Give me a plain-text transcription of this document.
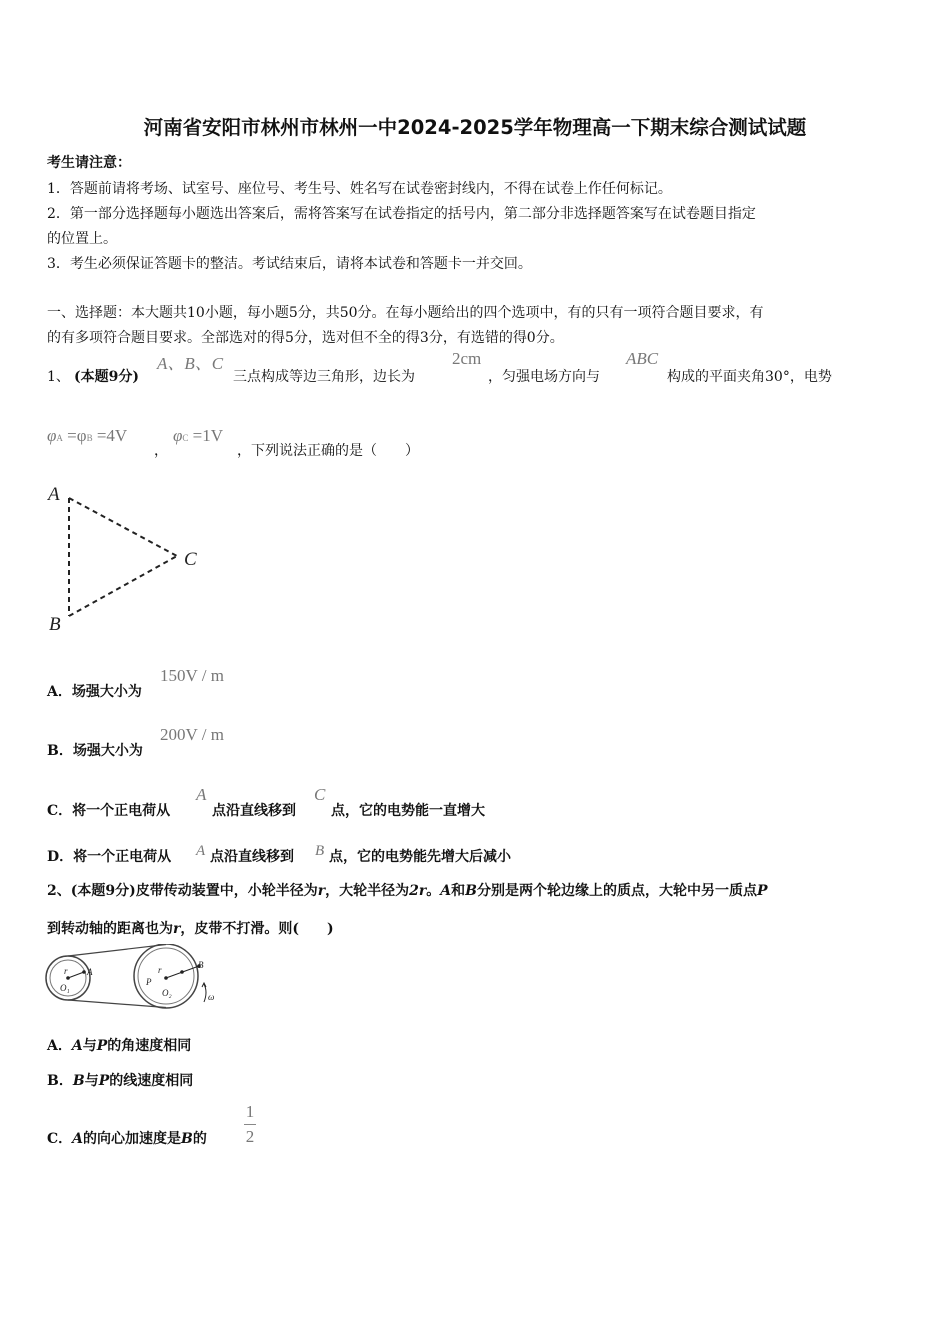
河南省安阳市林州市林州一中2024-2025学年物理高一下期末综合测试试题
考生请注意：
1．答题前请将考场、试室号、座位号、考生号、姓名写在试卷密封线内，不得在试卷上作任何标记。
2．第一部分选择题每小题选出答案后，需将答案写在试卷指定的括号内，第二部分非选择题答案写在试卷题目指定
的位置上。
3．考生必须保证答题卡的整洁。考试结束后，请将本试卷和答题卡一并交回。
一、选择题：本大题共10小题，每小题5分，共50分。在每小题给出的四个选项中，有的只有一项符合题目要求，有
的有多项符合题目要求。全部选对的得5分，选对但不全的得3分，有选错的得0分。
1、 (本题9分)
A、B、C
三点构成等边三角形，边长为
2cm
，匀强电场方向与
ABC
构成的平面夹角30°，电势
φA =φB =4V
，
φC =1V
，下列说法正确的是（　　）
A
B
C
A．场强大小为
150V / m
B．场强大小为
200V / m
C．将一个正电荷从
A
点沿直线移到
C
点，它的电势能一直增大
D．将一个正电荷从 A 点沿直线移到 B 点，它的电势能先增大后减小
2、(本题9分)皮带传动装置中，小轮半径为r，大轮半径为2r。A和B分别是两个轮边缘上的质点，大轮中另一质点P
到转动轴的距离也为r，皮带不打滑。则(　　)
r A
O₁
r
P
O₂
B
ω
A．A与P的角速度相同
B．B与P的线速度相同
C．A的向心加速度是B的
1
2
